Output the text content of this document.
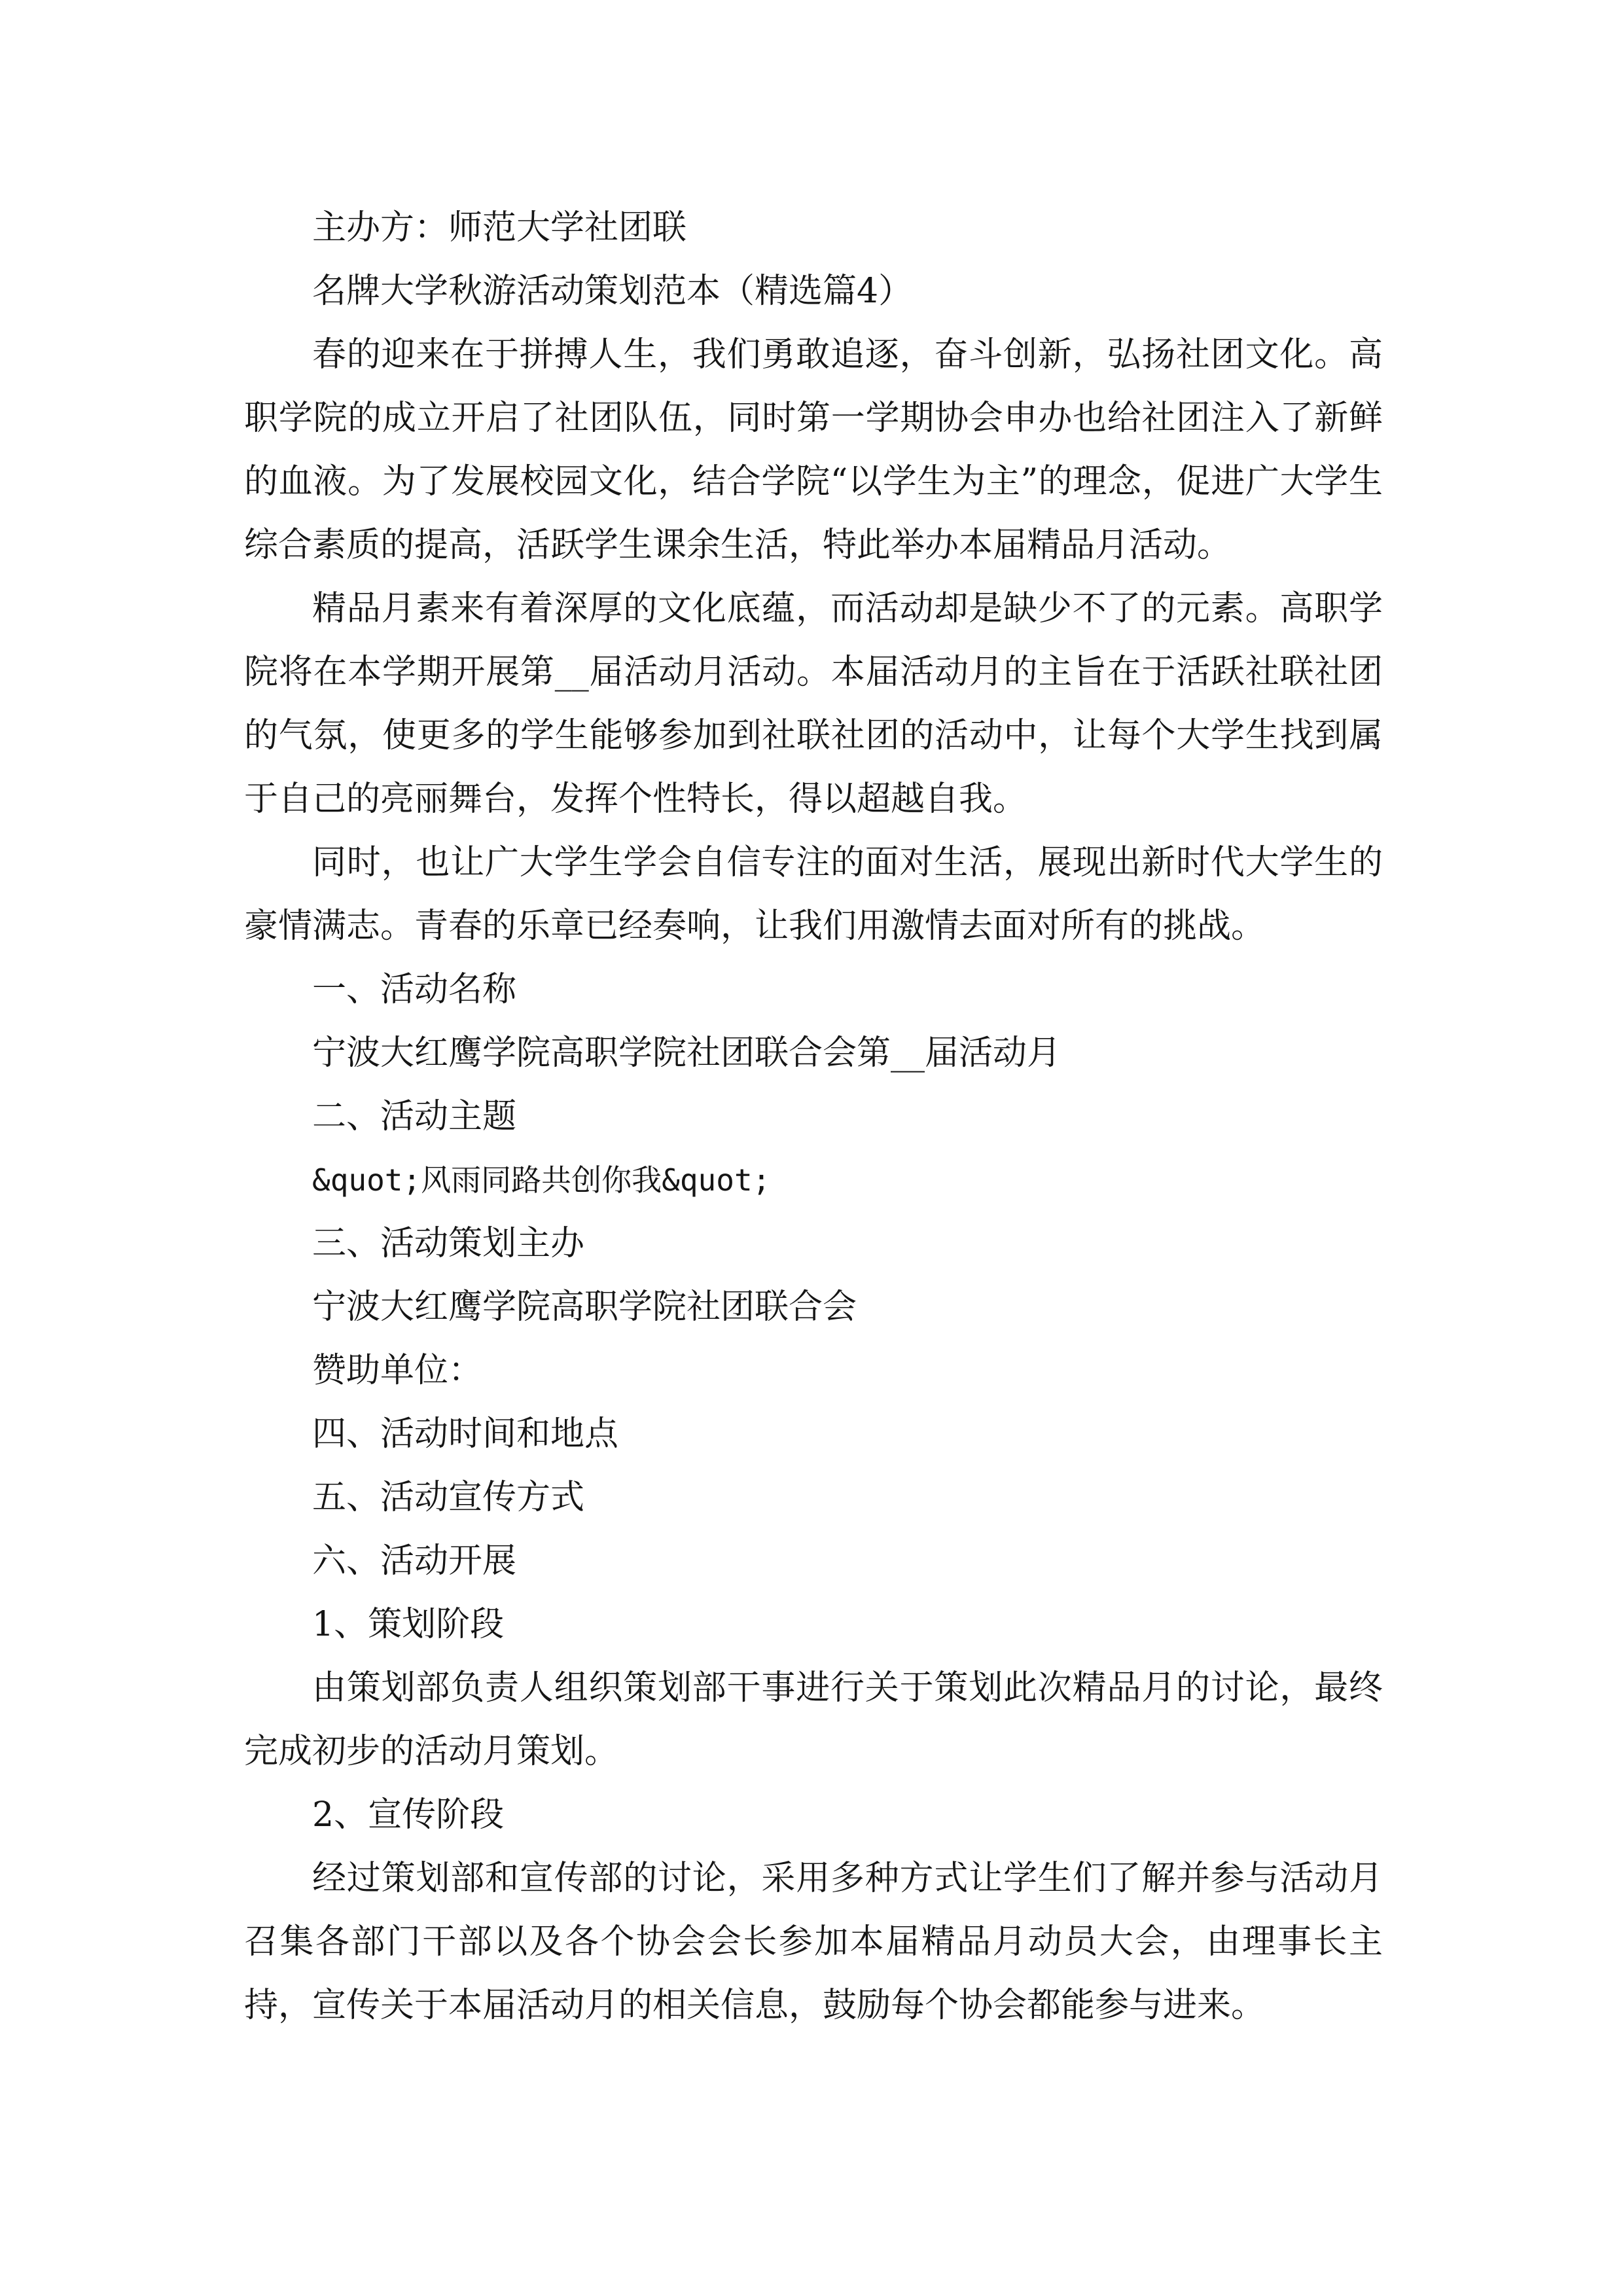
主办方：师范大学社团联

名牌大学秋游活动策划范本（精选篇4）

春的迎来在于拼搏人生，我们勇敢追逐，奋斗创新，弘扬社团文化。高职学院的成立开启了社团队伍，同时第一学期协会申办也给社团注入了新鲜的血液。为了发展校园文化，结合学院“以学生为主”的理念，促进广大学生综合素质的提高，活跃学生课余生活，特此举办本届精品月活动。

精品月素来有着深厚的文化底蕴，而活动却是缺少不了的元素。高职学院将在本学期开展第__届活动月活动。本届活动月的主旨在于活跃社联社团的气氛，使更多的学生能够参加到社联社团的活动中，让每个大学生找到属于自己的亮丽舞台，发挥个性特长，得以超越自我。

同时，也让广大学生学会自信专注的面对生活，展现出新时代大学生的豪情满志。青春的乐章已经奏响，让我们用激情去面对所有的挑战。

一、活动名称

宁波大红鹰学院高职学院社团联合会第__届活动月

二、活动主题

&quot;风雨同路共创你我&quot;

三、活动策划主办

宁波大红鹰学院高职学院社团联合会

赞助单位：

四、活动时间和地点

五、活动宣传方式

六、活动开展

1、策划阶段

由策划部负责人组织策划部干事进行关于策划此次精品月的讨论，最终完成初步的活动月策划。

2、宣传阶段

经过策划部和宣传部的讨论，采用多种方式让学生们了解并参与活动月召集各部门干部以及各个协会会长参加本届精品月动员大会，由理事长主持，宣传关于本届活动月的相关信息，鼓励每个协会都能参与进来。
